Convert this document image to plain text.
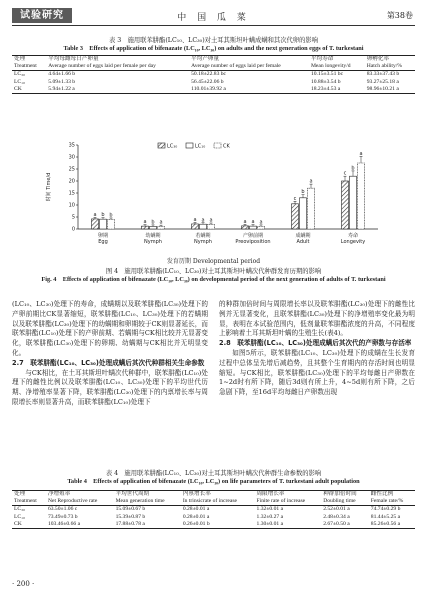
试验研究	中 国 瓜 菜	第38卷
表 3　施用联苯肼酯(LC₁₀、LC₃₀)对土耳其斯坦叶螨成螨和其次代卵的影响
Table 3　Effects of application of bifenazate (LC₁₀, LC₃₀) on adults and the next generation eggs of T. turkestani
处理	平均每雌每日产卵量	平均产卵量	平均寿命	卵孵化率
Treatment	Average number of eggs laid per female per day	Average number of eggs laid per female	Mean longevity/d	Hatch ability/%
LC₃₀	4.64±1.66 b	50.18±22.83 bc	10.15±3.51 bc	83.33±37.43 b
LC₁₀	5.09±1.33 b	56.45±22.06 b	10.88±3.54 b	93.27±25.18 a
CK	5.94±1.22 a	110.01±39.92 a	18.23±4.53 a	98.96±10.21 a
0
5
10
15
20
25
30
35
时间 Time/d
a b b
卵期
Egg
a b a
幼螨期
Nymph
a a a
若螨期
Nymph
a a a
产卵前期
Preoviposition
c
b
a
成螨期
Adult
c
b
a
寿命
Longevity
LC₃₀	LC₁₀	CK
发育历期 Developmental period
图 4　施用联苯肼酯(LC₁₀、LC₃₀)对土耳其斯坦叶螨次代种群发育历期的影响
Fig. 4　Effects of application of bifenazate (LC₁₀, LC₃₀) on developmental period of the next generation of adults of T. turkestani
(LC₁₀、LC₃₀)处理下的寿命，成螨期以及联苯肼酯(LC₃₀)处理下的产卵前期比CK显著缩短，联苯肼酯(LC₁₀、LC₃₀)处理下的若螨期以及联苯肼酯(LC₃₀)处理下的幼螨期和卵期较于CK则显著延长，而联苯肼酯(LC₁₀)处理下的产卵前期、若螨期与CK相比较并无显著变化，联苯肼酯(LC₃₀)处理下的卵期、幼螨期与CK相比并无明显变化。
2.7　联苯肼酯(LC₁₀、LC₃₀)处理成螨后其次代种群相关生命参数
与CK相比，在土耳其斯坦叶螨次代种群中，联苯肼酯(LC₁₀)处理下的雌性比例以及联苯肼酯(LC₁₀、LC₃₀)处理下的平均世代历期、净增殖率显著下降，联苯肼酯(LC₃₀)处理下的内禀增长率与周限增长率则显著升高，而联苯肼酯(LC₁₀)处理下
的种群加倍时间与周限增长率以及联苯肼酯(LC₃₀)处理下的雌性比例并无显著变化，且联苯肼酯(LC₃₀)处理下的净增殖率变化最为明显，表明在本试验范围内，低剂量联苯肼酯浓度的升高，不同程度上影响着土耳其斯坦叶螨的生殖生长(表4)。
2.8　联苯肼酯(LC₁₀、LC₃₀)处理成螨后其次代的产卵数与存活率
如图5所示，联苯肼酯(LC₁₀、LC₃₀)处理下的成螨在生长发育过程中总体呈先增后减趋势，且其整个生育期内的存活时间也明显缩短。与CK相比，联苯肼酯(LC₃₀)处理下的平均每雌日产卵数在1~2d时有所下降，随后3d则有所上升，4~5d则有所下降，之后急剧下降，至16d平均每雌日产卵数出现
表 4　施用联苯肼酯(LC₁₀、LC₃₀)对土耳其斯坦叶螨次代种群生命参数的影响
Table 4　Effects of application of bifenazate (LC₁₀, LC₃₀) on life parameters of T. turkestani adult population
处理	净增殖率	平均世代周期	内禀增长率	周限增长率	种群加倍时间	雌性比例
Treatment	Net Reproductive rate	Mean generation time	In trinsicrate of increase	Finite rate of increase	Doubling time	Female rate/%
LC₃₀	63.50±1.06 c	15.09±0.67 b	0.28±0.01 a	1.32±0.01 a	2.52±0.01 a	74.74±0.29 b
LC₁₀	73.49±0.73 b	15.39±0.87 b	0.28±0.01 a	1.32±0.27 a	2.48±0.34 a	81.44±5.25 a
CK	103.46±0.66 a	17.88±0.78 a	0.26±0.01 b	1.30±0.01 a	2.67±0.50 a	85.26±0.56 a
· 200 ·
